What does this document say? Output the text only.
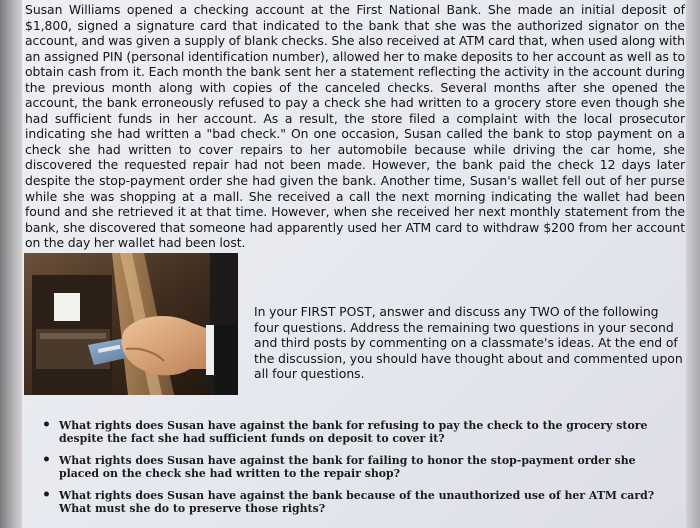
Susan Williams opened a checking account at the First National Bank. She made an initial deposit of $1,800, signed a signature card that indicated to the bank that she was the authorized signator on the account, and was given a supply of blank checks. She also received at ATM card that, when used along with an assigned PIN (personal identification number), allowed her to make deposits to her account as well as to obtain cash from it. Each month the bank sent her a statement reflecting the activity in the account during the previous month along with copies of the canceled checks. Several months after she opened the account, the bank erroneously refused to pay a check she had written to a grocery store even though she had sufficient funds in her account. As a result, the store filed a complaint with the local prosecutor indicating she had written a "bad check." On one occasion, Susan called the bank to stop payment on a check she had written to cover repairs to her automobile because while driving the car home, she discovered the requested repair had not been made. However, the bank paid the check 12 days later despite the stop-payment order she had given the bank. Another time, Susan's wallet fell out of her purse while she was shopping at a mall. She received a call the next morning indicating the wallet had been found and she retrieved it at that time. However, when she received her next monthly statement from the bank, she discovered that someone had apparently used her ATM card to withdraw $200 from her account on the day her wallet had been lost.

In your FIRST POST, answer and discuss any TWO of the following four questions. Address the remaining two questions in your second and third posts by commenting on a classmate's ideas. At the end of the discussion, you should have thought about and commented upon all four questions.

• What rights does Susan have against the bank for refusing to pay the check to the grocery store despite the fact she had sufficient funds on deposit to cover it?
• What rights does Susan have against the bank for failing to honor the stop-payment order she placed on the check she had written to the repair shop?
• What rights does Susan have against the bank because of the unauthorized use of her ATM card? What must she do to preserve those rights?
